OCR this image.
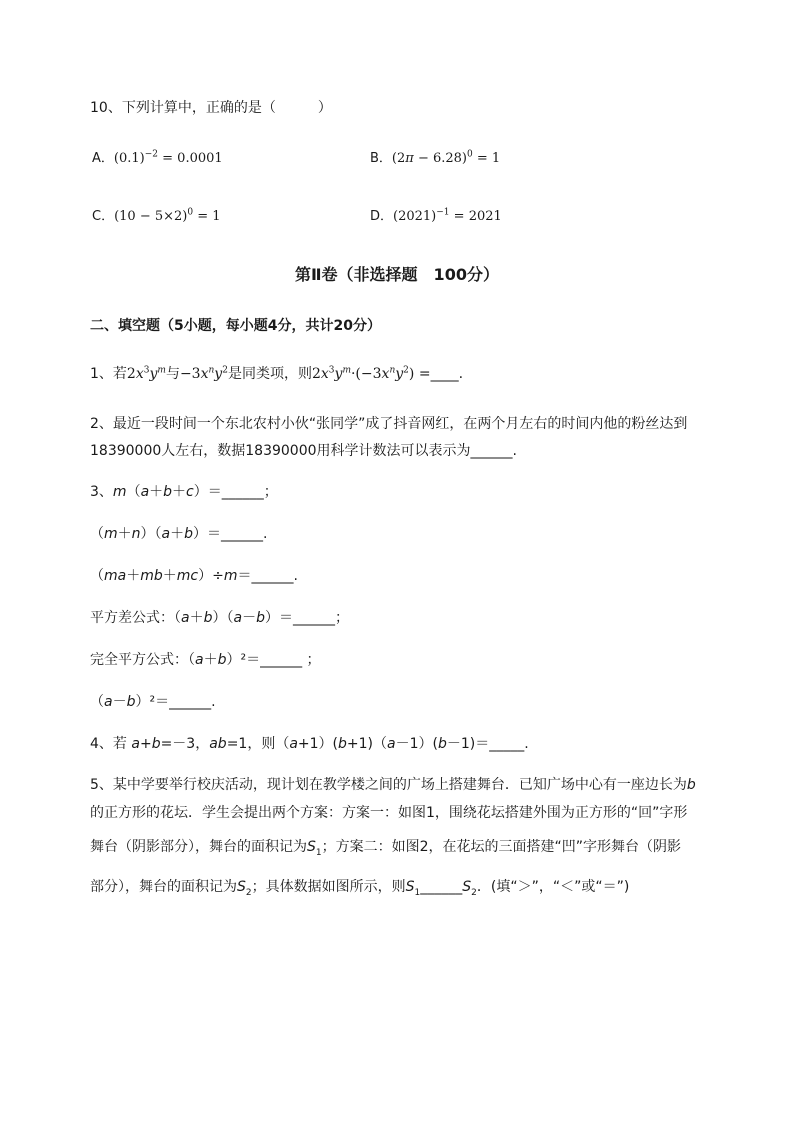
10、下列计算中，正确的是（　　　）
A．$(0.1)^{-2} = 0.0001$	B．$(2\pi - 6.28)^0 = 1$
C．$(10 - 5\times 2)^0 = 1$	D．$(2021)^{-1} = 2021$
第Ⅱ卷（非选择题　100分）
二、填空题（5小题，每小题4分，共计20分）
1、若$2x^3y^m$与$-3x^ny^2$是同类项，则$2x^3y^m\cdot(-3x^ny^2)$ =____.
2、最近一段时间一个东北农村小伙“张同学”成了抖音网红，在两个月左右的时间内他的粉丝达到
18390000人左右，数据18390000用科学计数法可以表示为______.
3、m（a＋b＋c）＝______；
（m＋n）（a＋b）＝______.
（ma＋mb＋mc）÷m＝______.
平方差公式：（a＋b）（a－b）＝______；
完全平方公式：（a＋b）²＝______ ；
（a－b）²＝______.
4、若 a+b=－3，ab=1，则（a+1）(b+1)（a－1）(b－1)＝_____.
5、某中学要举行校庆活动，现计划在教学楼之间的广场上搭建舞台．已知广场中心有一座边长为b
的正方形的花坛．学生会提出两个方案：方案一：如图1，围绕花坛搭建外围为正方形的“回”字形
舞台（阴影部分），舞台的面积记为$S_1$；方案二：如图2，在花坛的三面搭建“凹”字形舞台（阴影
部分），舞台的面积记为$S_2$；具体数据如图所示，则$S_1\_\_\_\_\_\_S_2$．(填“＞”，“＜”或“＝”)
